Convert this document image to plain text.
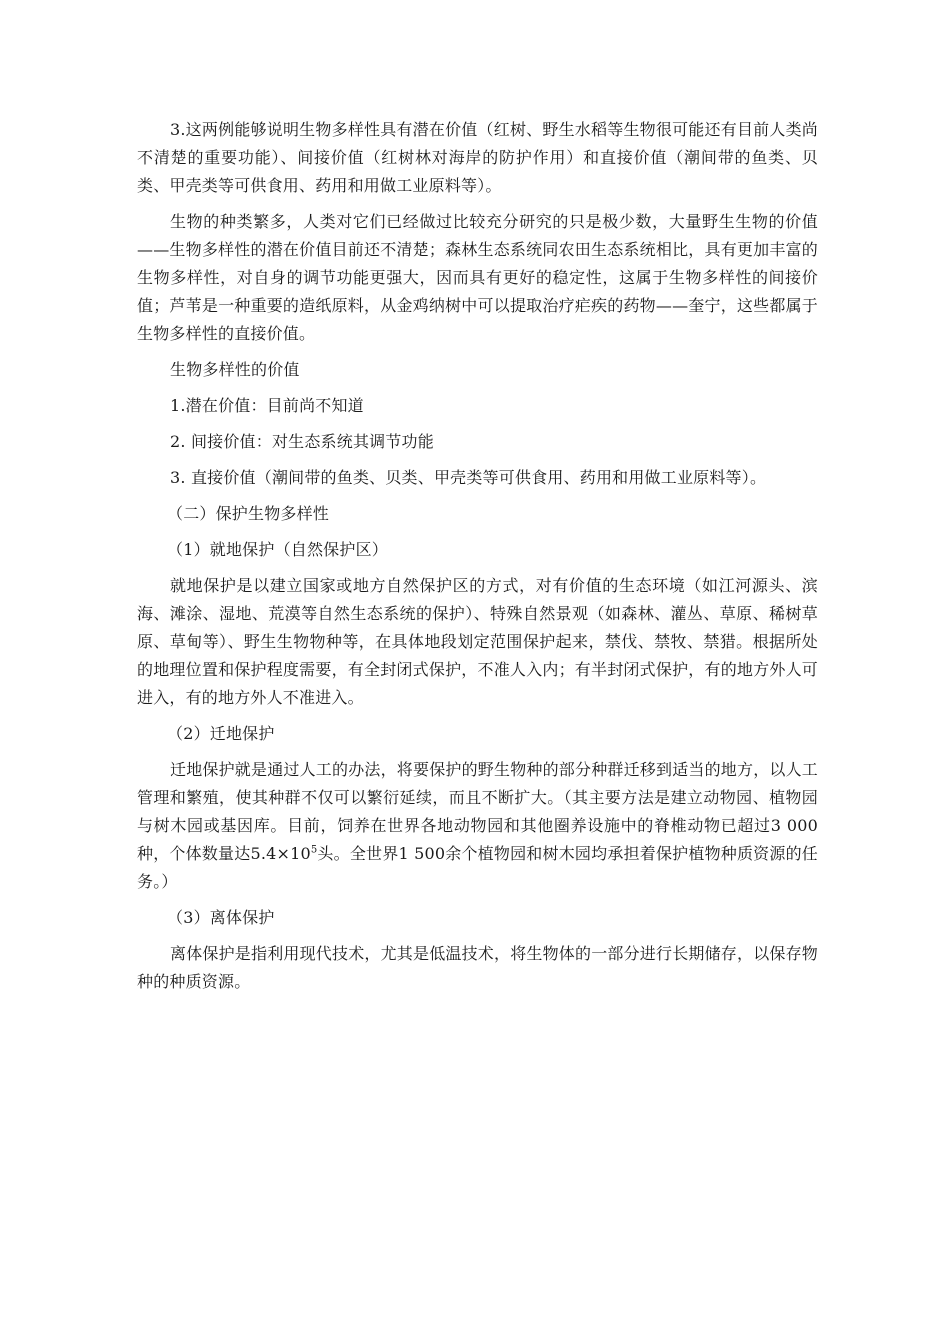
3.这两例能够说明生物多样性具有潜在价值（红树、野生水稻等生物很可能还有目前人类尚不清楚的重要功能）、间接价值（红树林对海岸的防护作用）和直接价值（潮间带的鱼类、贝类、甲壳类等可供食用、药用和用做工业原料等）。

生物的种类繁多，人类对它们已经做过比较充分研究的只是极少数，大量野生生物的价值——生物多样性的潜在价值目前还不清楚；森林生态系统同农田生态系统相比，具有更加丰富的生物多样性，对自身的调节功能更强大，因而具有更好的稳定性，这属于生物多样性的间接价值；芦苇是一种重要的造纸原料，从金鸡纳树中可以提取治疗疟疾的药物——奎宁，这些都属于生物多样性的直接价值。

生物多样性的价值

1.潜在价值：目前尚不知道

2. 间接价值：对生态系统其调节功能

3. 直接价值（潮间带的鱼类、贝类、甲壳类等可供食用、药用和用做工业原料等）。

（二）保护生物多样性

（1）就地保护（自然保护区）

就地保护是以建立国家或地方自然保护区的方式，对有价值的生态环境（如江河源头、滨海、滩涂、湿地、荒漠等自然生态系统的保护）、特殊自然景观（如森林、灌丛、草原、稀树草原、草甸等）、野生生物物种等，在具体地段划定范围保护起来，禁伐、禁牧、禁猎。根据所处的地理位置和保护程度需要，有全封闭式保护，不准人入内；有半封闭式保护，有的地方外人可进入，有的地方外人不准进入。

（2）迁地保护

迁地保护就是通过人工的办法，将要保护的野生物种的部分种群迁移到适当的地方，以人工管理和繁殖，使其种群不仅可以繁衍延续，而且不断扩大。（其主要方法是建立动物园、植物园与树木园或基因库。目前，饲养在世界各地动物园和其他圈养设施中的脊椎动物已超过3 000种，个体数量达$5.4\times 10^5$头。全世界1 500余个植物园和树木园均承担着保护植物种质资源的任务。）

（3）离体保护

离体保护是指利用现代技术，尤其是低温技术，将生物体的一部分进行长期储存，以保存物种的种质资源。
